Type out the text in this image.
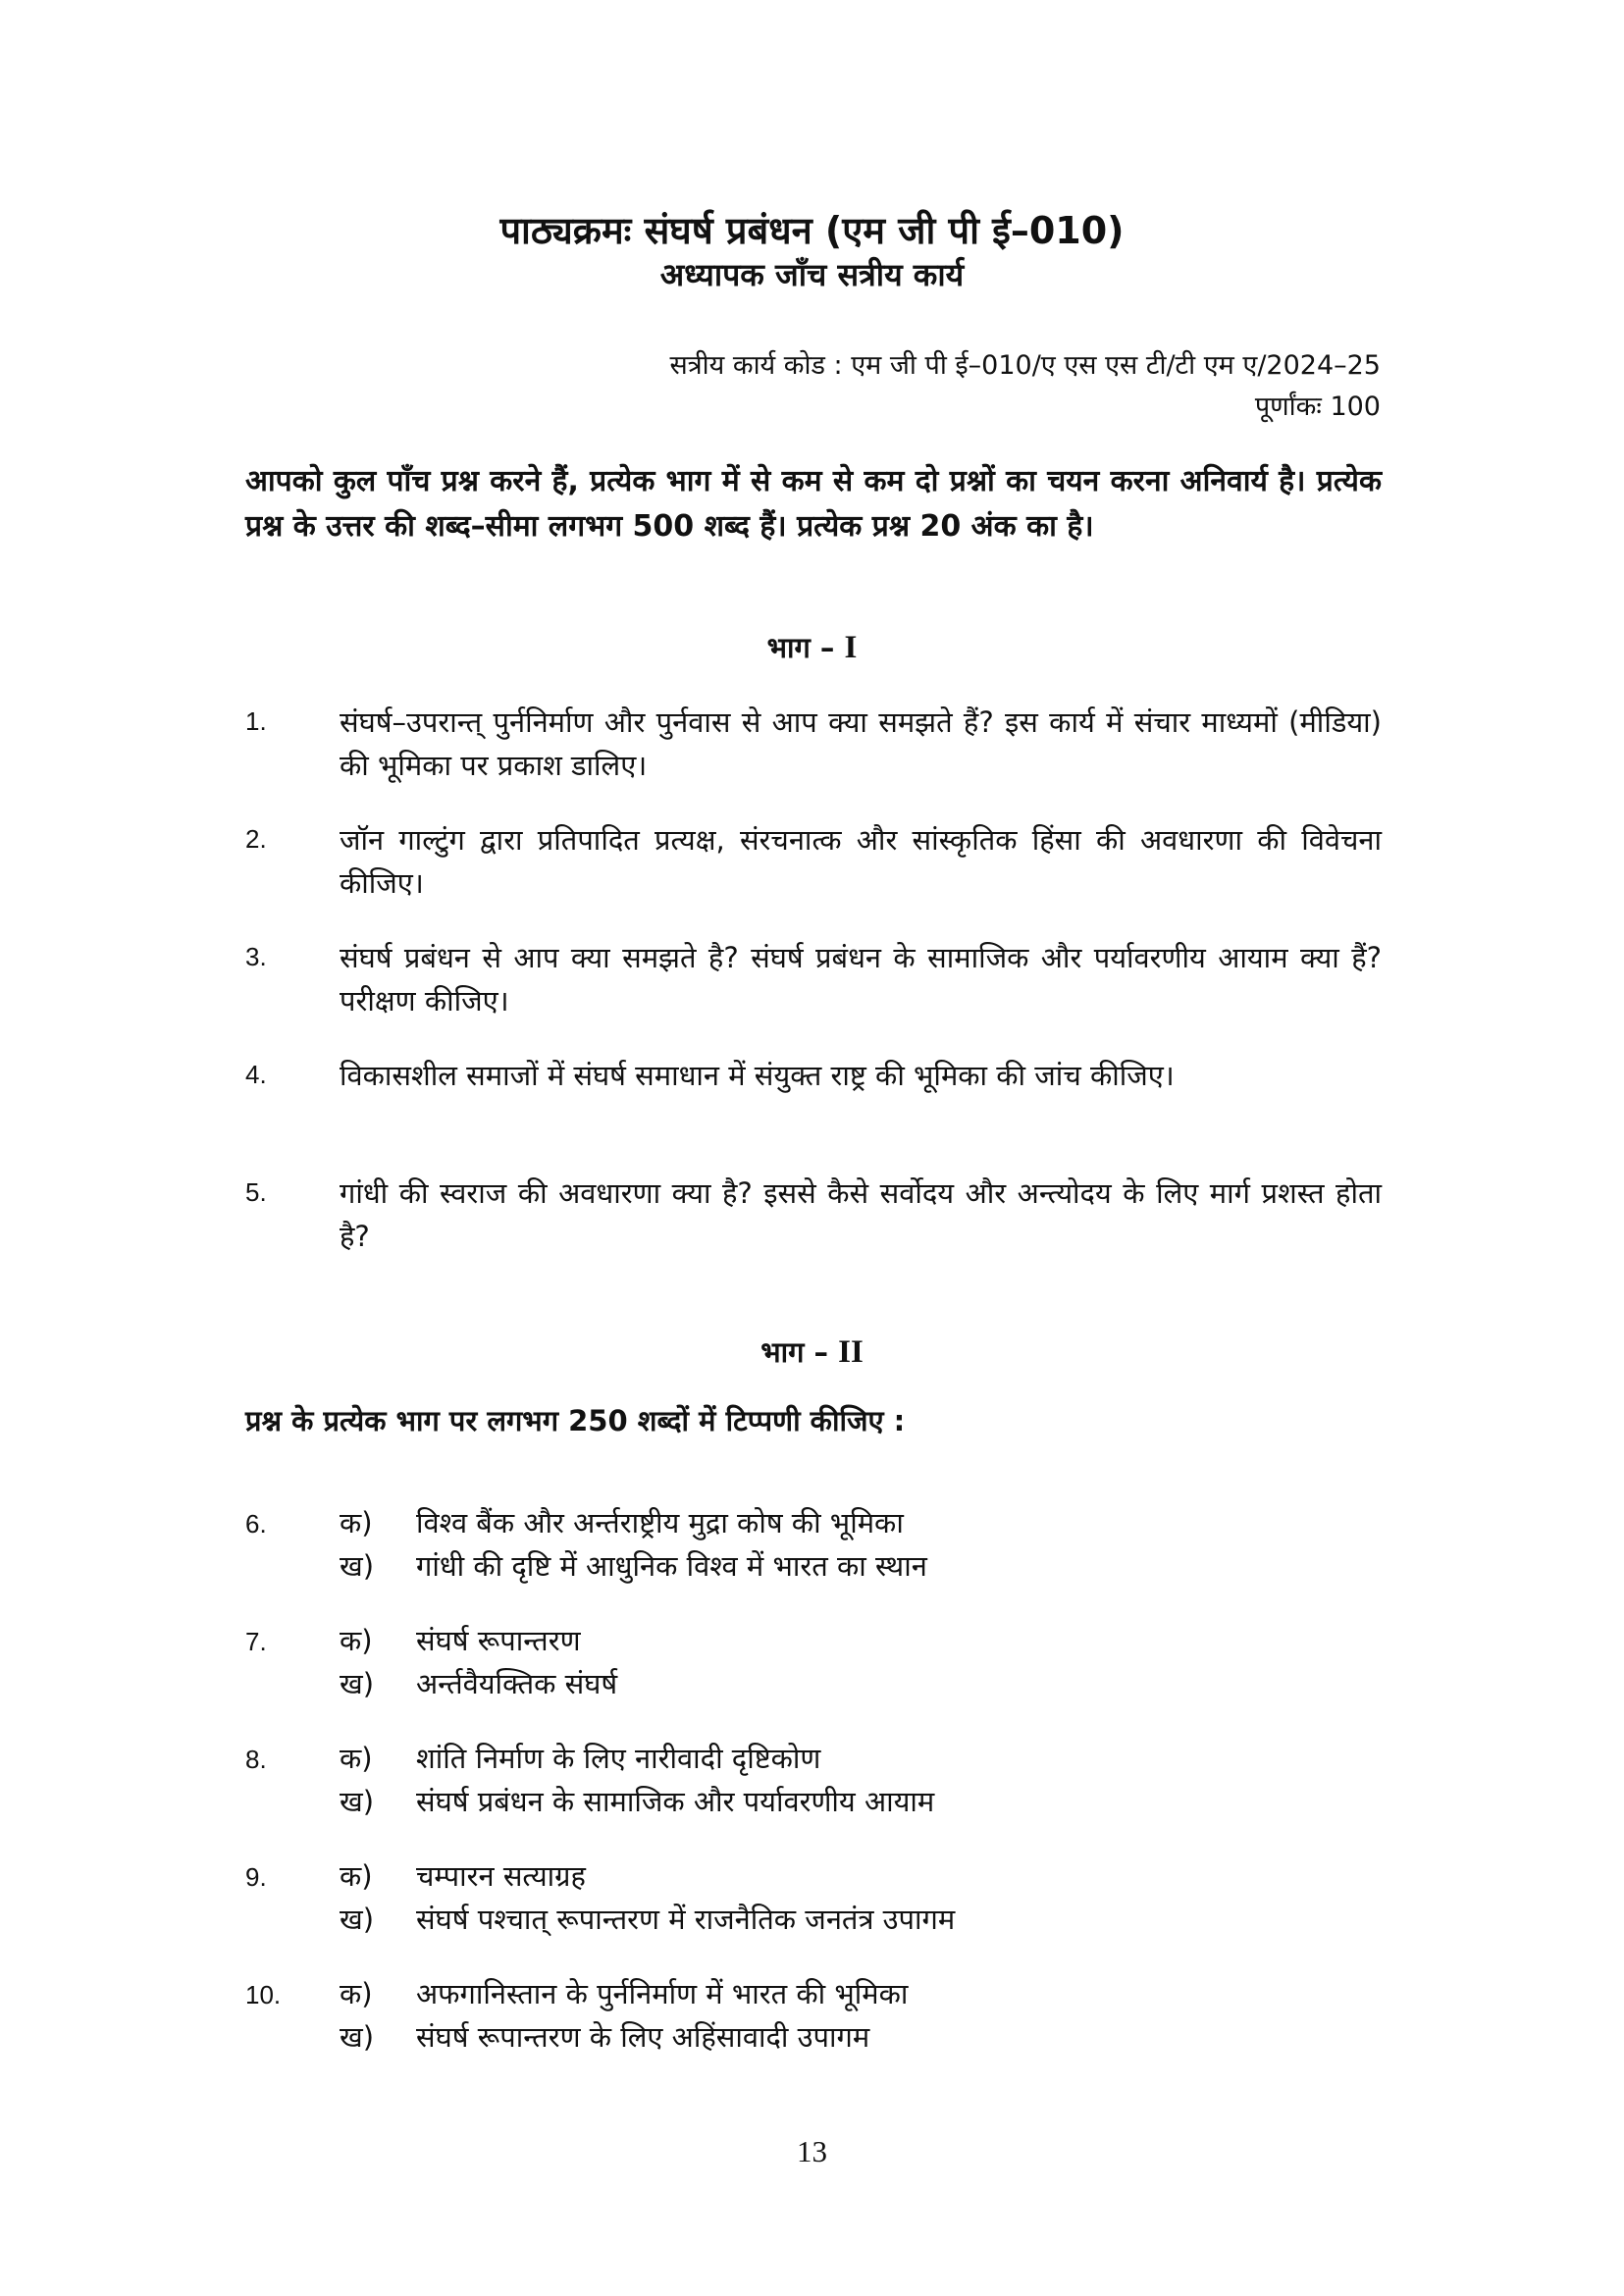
पाठ्यक्रमः संघर्ष प्रबंधन (एम जी पी ई–010)
अध्यापक जाँच सत्रीय कार्य
सत्रीय कार्य कोड : एम जी पी ई–010/ए एस एस टी/टी एम ए/2024–25
पूर्णांकः 100
आपको कुल पाँच प्रश्न करने हैं, प्रत्येक भाग में से कम से कम दो प्रश्नों का चयन करना अनिवार्य है। प्रत्येक प्रश्न के उत्तर की शब्द–सीमा लगभग 500 शब्द हैं। प्रत्येक प्रश्न 20 अंक का है।
भाग – I
1.	संघर्ष–उपरान्त् पुर्ननिर्माण और पुर्नवास से आप क्या समझते हैं? इस कार्य में संचार माध्यमों (मीडिया) की भूमिका पर प्रकाश डालिए।
2.	जॉन गाल्टुंग द्वारा प्रतिपादित प्रत्यक्ष, संरचनात्क और सांस्कृतिक हिंसा की अवधारणा की विवेचना कीजिए।
3.	संघर्ष प्रबंधन से आप क्या समझते है? संघर्ष प्रबंधन के सामाजिक और पर्यावरणीय आयाम क्या हैं? परीक्षण कीजिए।
4.	विकासशील समाजों में संघर्ष समाधान में संयुक्त राष्ट्र की भूमिका की जांच कीजिए।
5.	गांधी की स्वराज की अवधारणा क्या है? इससे कैसे सर्वोदय और अन्त्योदय के लिए मार्ग प्रशस्त होता है?
भाग – II
प्रश्न के प्रत्येक भाग पर लगभग 250 शब्दों में टिप्पणी कीजिए :
6.	क) विश्व बैंक और अर्न्तराष्ट्रीय मुद्रा कोष की भूमिका
ख) गांधी की दृष्टि में आधुनिक विश्व में भारत का स्थान
7.	क) संघर्ष रूपान्तरण
ख) अर्न्तवैयक्तिक संघर्ष
8.	क) शांति निर्माण के लिए नारीवादी दृष्टिकोण
ख) संघर्ष प्रबंधन के सामाजिक और पर्यावरणीय आयाम
9.	क) चम्पारन सत्याग्रह
ख) संघर्ष पश्चात् रूपान्तरण में राजनैतिक जनतंत्र उपागम
10.	क) अफगानिस्तान के पुर्ननिर्माण में भारत की भूमिका
ख) संघर्ष रूपान्तरण के लिए अहिंसावादी उपागम
13
